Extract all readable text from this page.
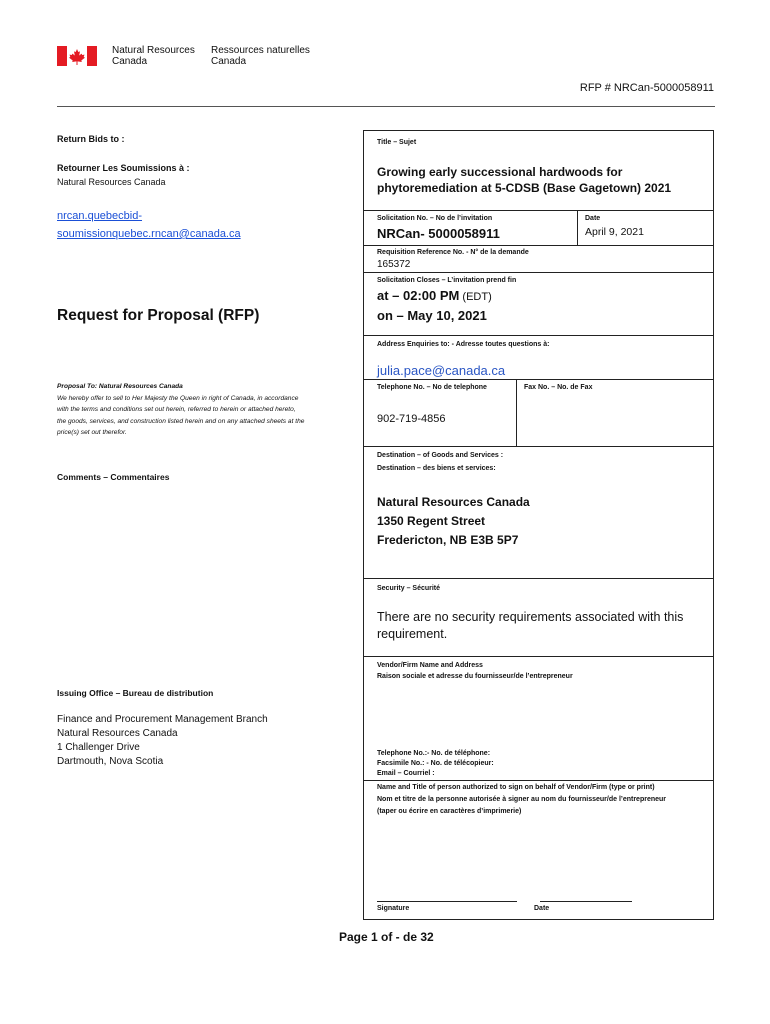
Natural Resources
Canada
Ressources naturelles
Canada
RFP # NRCan-5000058911
Return Bids to :
Retourner Les Soumissions à :
Natural Resources Canada
nrcan.quebecbid-
soumissionquebec.rncan@canada.ca
Request for Proposal (RFP)
Proposal To: Natural Resources Canada
We hereby offer to sell to Her Majesty the Queen in right of Canada, in accordance
with the terms and conditions set out herein, referred to herein or attached hereto,
the goods, services, and construction listed herein and on any attached sheets at the
price(s) set out therefor.
Comments – Commentaires
Issuing Office – Bureau de distribution
Finance and Procurement Management Branch
Natural Resources Canada
1 Challenger Drive
Dartmouth, Nova Scotia
Title – Sujet
Growing early successional hardwoods for
phytoremediation at 5-CDSB (Base Gagetown) 2021
Solicitation No. – No de l’invitation
NRCan- 5000058911
Date
April 9, 2021
Requisition Reference No. - N° de la demande
165372
Solicitation Closes – L’invitation prend fin
at – 02:00 PM (EDT)
on – May 10, 2021
Address Enquiries to: - Adresse toutes questions à:
julia.pace@canada.ca
Telephone No. – No de telephone	Fax No. – No. de Fax
902-719-4856
Destination – of Goods and Services :
Destination – des biens et services:
Natural Resources Canada
1350 Regent Street
Fredericton, NB E3B 5P7
Security – Sécurité
There are no security requirements associated with this
requirement.
Vendor/Firm Name and Address
Raison sociale et adresse du fournisseur/de l’entrepreneur
Telephone No.:- No. de téléphone:
Facsimile No.: - No. de télécopieur:
Email – Courriel :
Name and Title of person authorized to sign on behalf of Vendor/Firm (type or print)
Nom et titre de la personne autorisée à signer au nom du fournisseur/de l’entrepreneur
(taper ou écrire en caractères d’imprimerie)
Signature	Date
Page 1 of - de 32
